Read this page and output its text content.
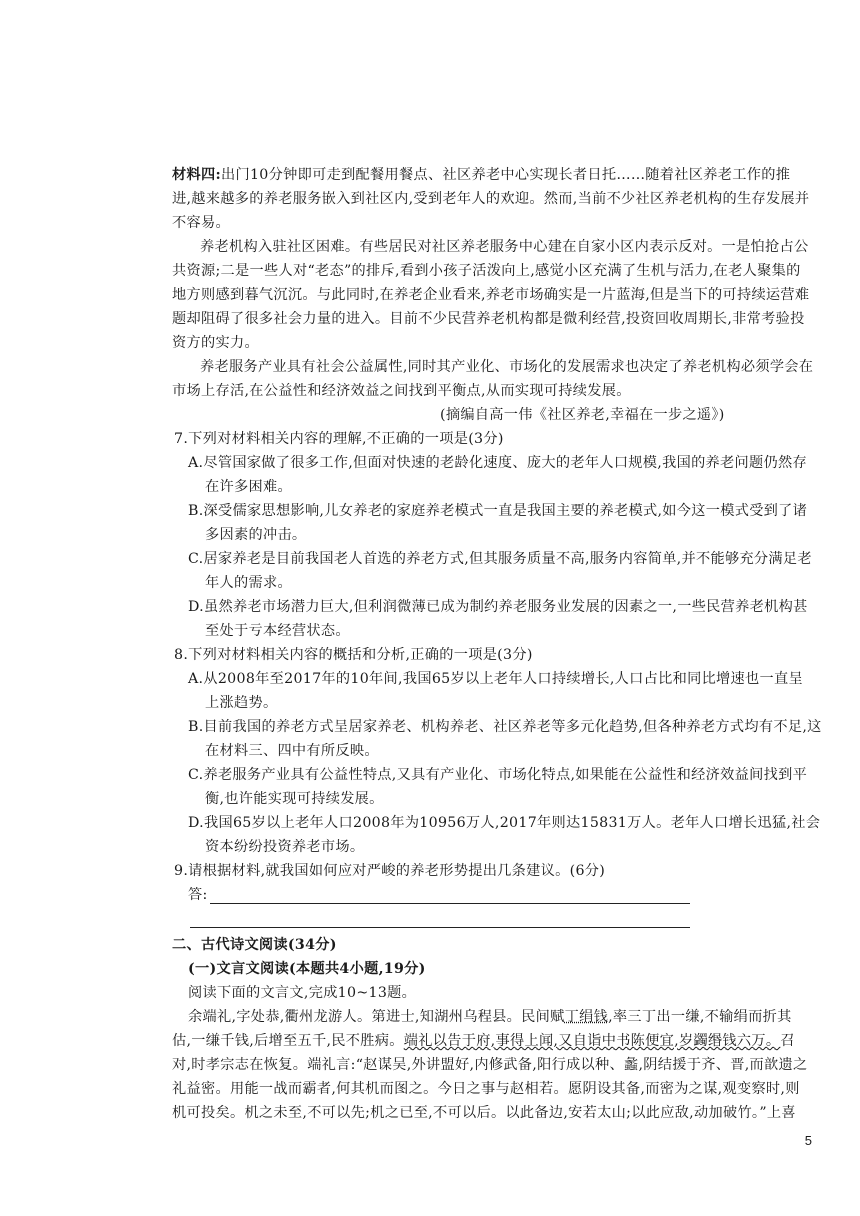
材料四:出门10分钟即可走到配餐用餐点、社区养老中心实现长者日托……随着社区养老工作的推
进,越来越多的养老服务嵌入到社区内,受到老年人的欢迎。然而,当前不少社区养老机构的生存发展并
不容易。
养老机构入驻社区困难。有些居民对社区养老服务中心建在自家小区内表示反对。一是怕抢占公
共资源;二是一些人对“老态”的排斥,看到小孩子活泼向上,感觉小区充满了生机与活力,在老人聚集的
地方则感到暮气沉沉。与此同时,在养老企业看来,养老市场确实是一片蓝海,但是当下的可持续运营难
题却阻碍了很多社会力量的进入。目前不少民营养老机构都是微利经营,投资回收周期长,非常考验投
资方的实力。
养老服务产业具有社会公益属性,同时其产业化、市场化的发展需求也决定了养老机构必须学会在
市场上存活,在公益性和经济效益之间找到平衡点,从而实现可持续发展。
(摘编自高一伟《社区养老,幸福在一步之遥》)
7.下列对材料相关内容的理解,不正确的一项是(3分)
A.尽管国家做了很多工作,但面对快速的老龄化速度、庞大的老年人口规模,我国的养老问题仍然存
在许多困难。
B.深受儒家思想影响,儿女养老的家庭养老模式一直是我国主要的养老模式,如今这一模式受到了诸
多因素的冲击。
C.居家养老是目前我国老人首选的养老方式,但其服务质量不高,服务内容简单,并不能够充分满足老
年人的需求。
D.虽然养老市场潜力巨大,但利润微薄已成为制约养老服务业发展的因素之一,一些民营养老机构甚
至处于亏本经营状态。
8.下列对材料相关内容的概括和分析,正确的一项是(3分)
A.从2008年至2017年的10年间,我国65岁以上老年人口持续增长,人口占比和同比增速也一直呈
上涨趋势。
B.目前我国的养老方式呈居家养老、机构养老、社区养老等多元化趋势,但各种养老方式均有不足,这
在材料三、四中有所反映。
C.养老服务产业具有公益性特点,又具有产业化、市场化特点,如果能在公益性和经济效益间找到平
衡,也许能实现可持续发展。
D.我国65岁以上老年人口2008年为10956万人,2017年则达15831万人。老年人口增长迅猛,社会
资本纷纷投资养老市场。
9.请根据材料,就我国如何应对严峻的养老形势提出几条建议。(6分)
答:
二、古代诗文阅读(34分)
(一)文言文阅读(本题共4小题,19分)
阅读下面的文言文,完成10~13题。
余端礼,字处恭,衢州龙游人。第进士,知湖州乌程县。民间赋丁绢钱,率三丁出一缣,不输绢而折其
估,一缣千钱,后增至五千,民不胜病。端礼以告于府,事得上闻,又自诣中书陈便宜,岁蠲缗钱六万。召
对,时孝宗志在恢复。端礼言:“赵谋吴,外讲盟好,内修武备,阳行成以种、蠡,阴结援于齐、晋,而歆遗之
礼益密。用能一战而霸者,何其机而图之。今日之事与赵相若。愿阴设其备,而密为之谋,观变察时,则
机可投矣。机之未至,不可以先;机之已至,不可以后。以此备边,安若太山;以此应敌,动加破竹。”上喜
5
